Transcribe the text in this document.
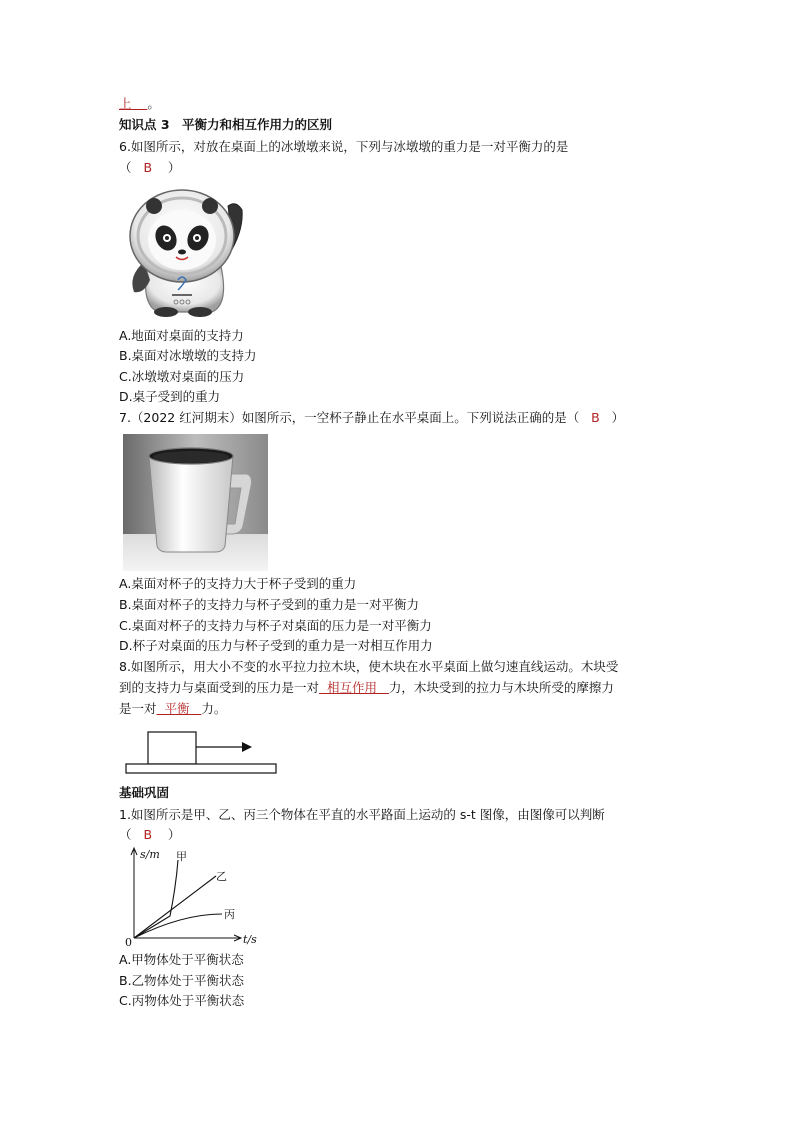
上 。
知识点 3　平衡力和相互作用力的区别
6.如图所示，对放在桌面上的冰墩墩来说，下列与冰墩墩的重力是一对平衡力的是
（ B ）
A.地面对桌面的支持力
B.桌面对冰墩墩的支持力
C.冰墩墩对桌面的压力
D.桌子受到的重力
7.（2022 红河期末）如图所示，一空杯子静止在水平桌面上。下列说法正确的是（ B ）
A.桌面对杯子的支持力大于杯子受到的重力
B.桌面对杯子的支持力与杯子受到的重力是一对平衡力
C.桌面对杯子的支持力与杯子对桌面的压力是一对平衡力
D.杯子对桌面的压力与杯子受到的重力是一对相互作用力
8.如图所示，用大小不变的水平拉力拉木块，使木块在水平桌面上做匀速直线运动。木块受
到的支持力与桌面受到的压力是一对 相互作用 力，木块受到的拉力与木块所受的摩擦力
是一对 平衡 力。
基础巩固
1.如图所示是甲、乙、丙三个物体在平直的水平路面上运动的 s-t 图像，由图像可以判断
（ B ）
s/m
t/s
0
甲
乙
丙
A.甲物体处于平衡状态
B.乙物体处于平衡状态
C.丙物体处于平衡状态
